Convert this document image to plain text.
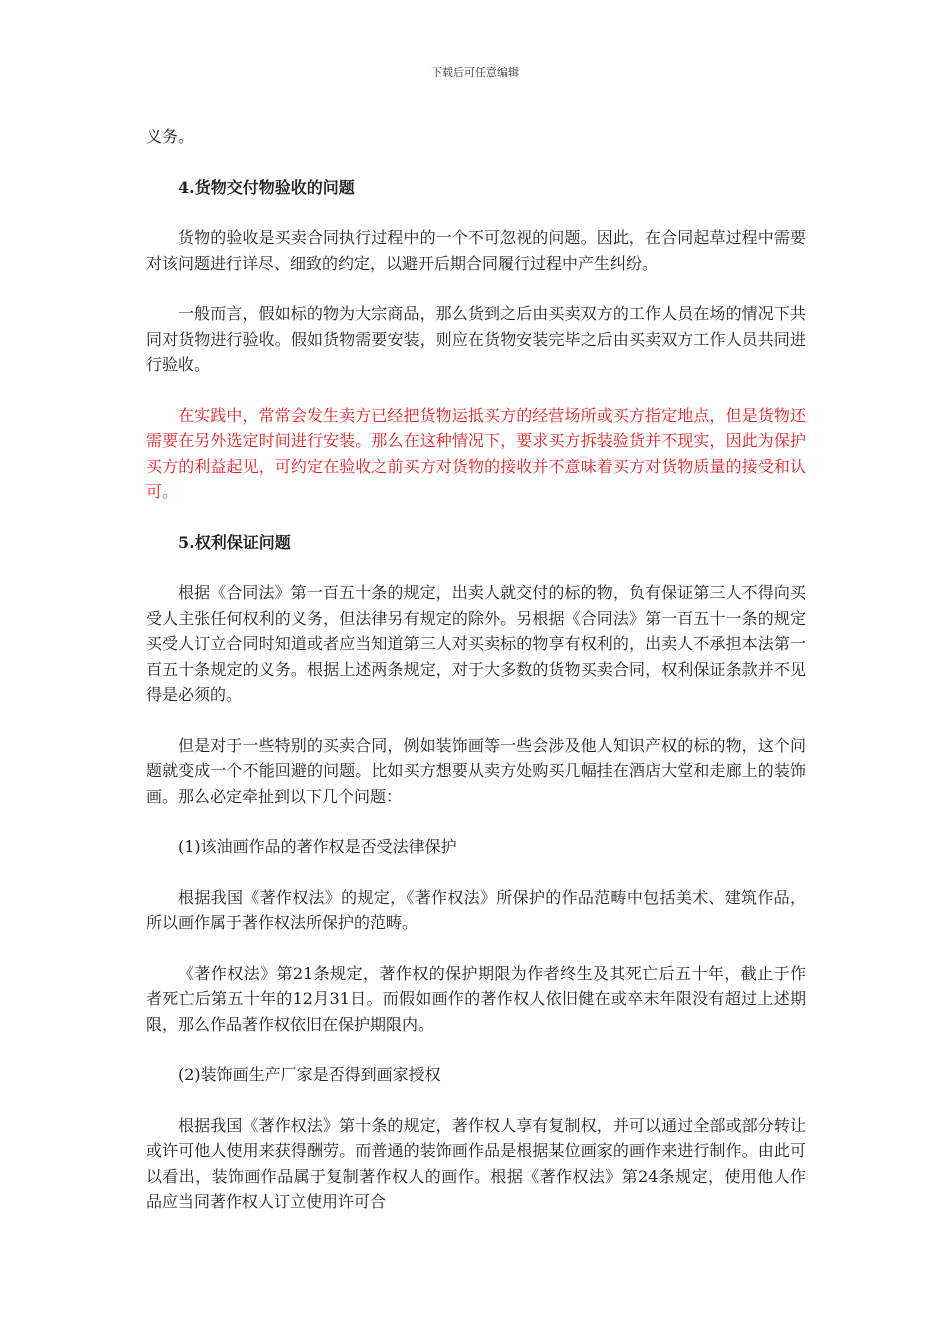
下载后可任意编辑

义务。

4.货物交付物验收的问题

货物的验收是买卖合同执行过程中的一个不可忽视的问题。因此，在合同起草过程中需要对该问题进行详尽、细致的约定，以避开后期合同履行过程中产生纠纷。

一般而言，假如标的物为大宗商品，那么货到之后由买卖双方的工作人员在场的情况下共同对货物进行验收。假如货物需要安装，则应在货物安装完毕之后由买卖双方工作人员共同进行验收。

在实践中，常常会发生卖方已经把货物运抵买方的经营场所或买方指定地点，但是货物还需要在另外选定时间进行安装。那么在这种情况下，要求买方拆装验货并不现实，因此为保护买方的利益起见，可约定在验收之前买方对货物的接收并不意味着买方对货物质量的接受和认可。

5.权利保证问题

根据《合同法》第一百五十条的规定，出卖人就交付的标的物，负有保证第三人不得向买受人主张任何权利的义务，但法律另有规定的除外。另根据《合同法》第一百五十一条的规定买受人订立合同时知道或者应当知道第三人对买卖标的物享有权利的，出卖人不承担本法第一百五十条规定的义务。根据上述两条规定，对于大多数的货物买卖合同，权利保证条款并不见得是必须的。

但是对于一些特别的买卖合同，例如装饰画等一些会涉及他人知识产权的标的物，这个问题就变成一个不能回避的问题。比如买方想要从卖方处购买几幅挂在酒店大堂和走廊上的装饰画。那么必定牵扯到以下几个问题：

(1)该油画作品的著作权是否受法律保护

根据我国《著作权法》的规定，《著作权法》所保护的作品范畴中包括美术、建筑作品，所以画作属于著作权法所保护的范畴。

《著作权法》第21条规定，著作权的保护期限为作者终生及其死亡后五十年，截止于作者死亡后第五十年的12月31日。而假如画作的著作权人依旧健在或卒末年限没有超过上述期限，那么作品著作权依旧在保护期限内。

(2)装饰画生产厂家是否得到画家授权

根据我国《著作权法》第十条的规定，著作权人享有复制权，并可以通过全部或部分转让或许可他人使用来获得酬劳。而普通的装饰画作品是根据某位画家的画作来进行制作。由此可以看出，装饰画作品属于复制著作权人的画作。根据《著作权法》第24条规定，使用他人作品应当同著作权人订立使用许可合
